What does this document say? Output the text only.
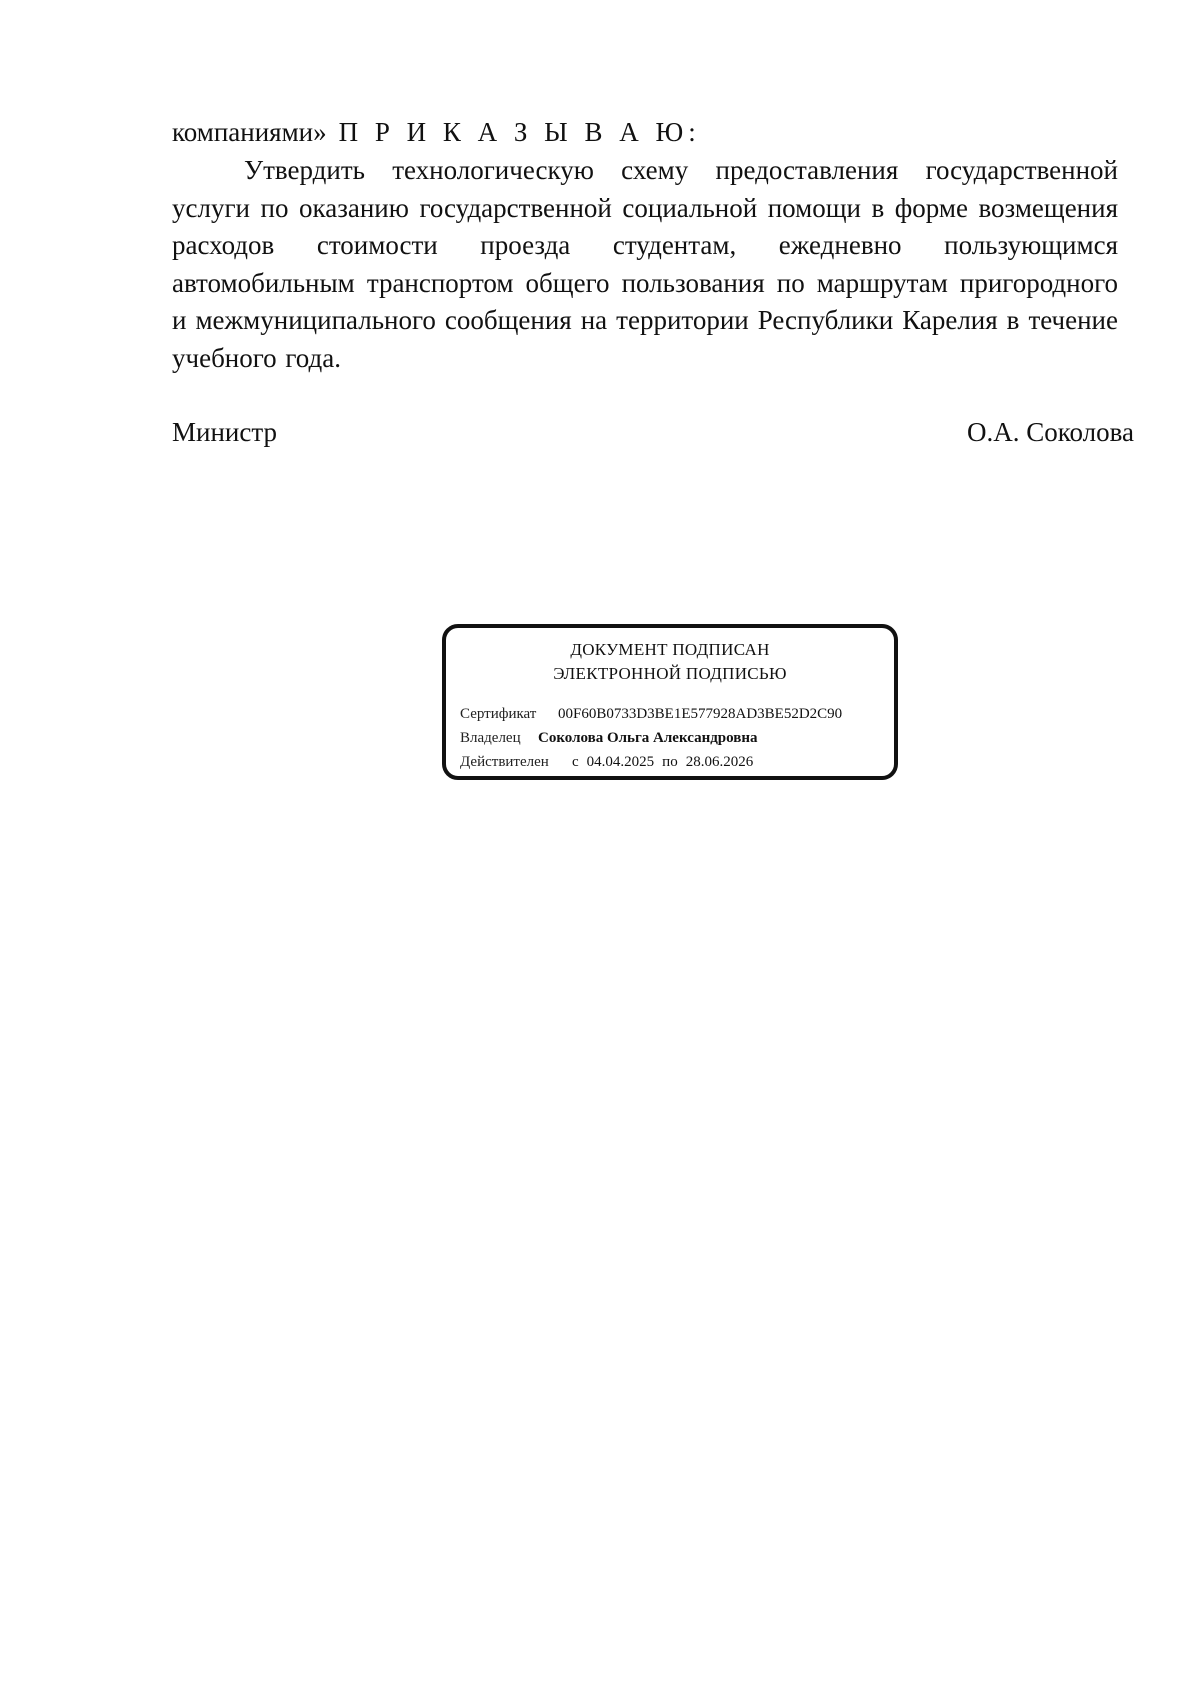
компаниями» П Р И К А З Ы В А Ю:

Утвердить технологическую схему предоставления государственной услуги по оказанию государственной социальной помощи в форме возмещения расходов стоимости проезда студентам, ежедневно пользующимся автомобильным транспортом общего пользования по маршрутам пригородного и межмуниципального сообщения на территории Республики Карелия в течение учебного года.

Министр	О.А. Соколова
ДОКУМЕНТ ПОДПИСАН
ЭЛЕКТРОННОЙ ПОДПИСЬЮ
Сертификат 00F60B0733D3BE1E577928AD3BE52D2C90
Владелец Соколова Ольга Александровна
Действителен с 04.04.2025 по 28.06.2026
